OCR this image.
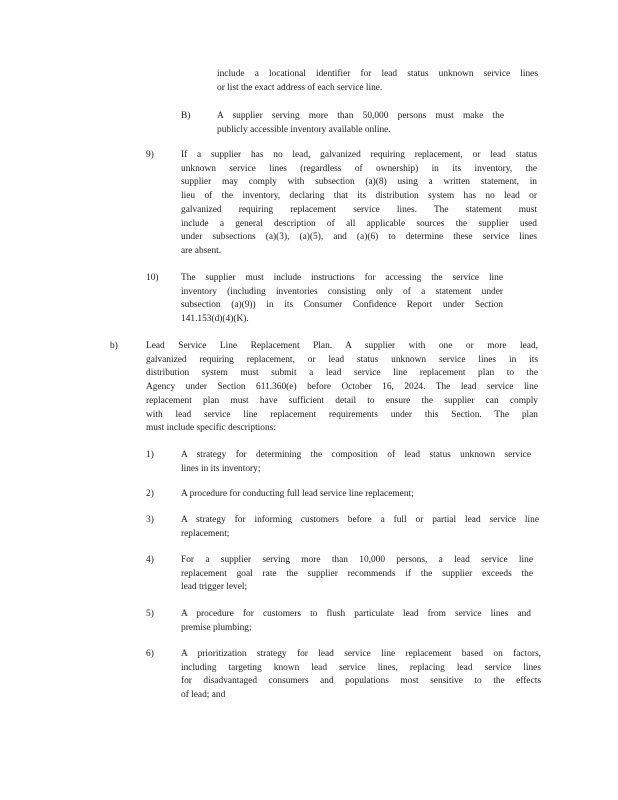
include a locational identifier for lead status unknown service lines
or list the exact address of each service line.
B)	A supplier serving more than 50,000 persons must make the
publicly accessible inventory available online.
9)	If a supplier has no lead, galvanized requiring replacement, or lead status
unknown service lines (regardless of ownership) in its inventory, the
supplier may comply with subsection (a)(8) using a written statement, in
lieu of the inventory, declaring that its distribution system has no lead or
galvanized requiring replacement service lines. The statement must
include a general description of all applicable sources the supplier used
under subsections (a)(3), (a)(5), and (a)(6) to determine these service lines
are absent.
10) The supplier must include instructions for accessing the service line
inventory (including inventories consisting only of a statement under
subsection (a)(9)) in its Consumer Confidence Report under Section
141.153(d)(4)(K).
b)	Lead Service Line Replacement Plan. A supplier with one or more lead,
galvanized requiring replacement, or lead status unknown service lines in its
distribution system must submit a lead service line replacement plan to the
Agency under Section 611.360(e) before October 16, 2024. The lead service line
replacement plan must have sufficient detail to ensure the supplier can comply
with lead service line replacement requirements under this Section. The plan
must include specific descriptions:
1)	A strategy for determining the composition of lead status unknown service
lines in its inventory;
2)	A procedure for conducting full lead service line replacement;
3)	A strategy for informing customers before a full or partial lead service line
replacement;
4)	For a supplier serving more than 10,000 persons, a lead service line
replacement goal rate the supplier recommends if the supplier exceeds the
lead trigger level;
5)	A procedure for customers to flush particulate lead from service lines and
premise plumbing;
6)	A prioritization strategy for lead service line replacement based on factors,
including targeting known lead service lines, replacing lead service lines
for disadvantaged consumers and populations most sensitive to the effects
of lead; and
